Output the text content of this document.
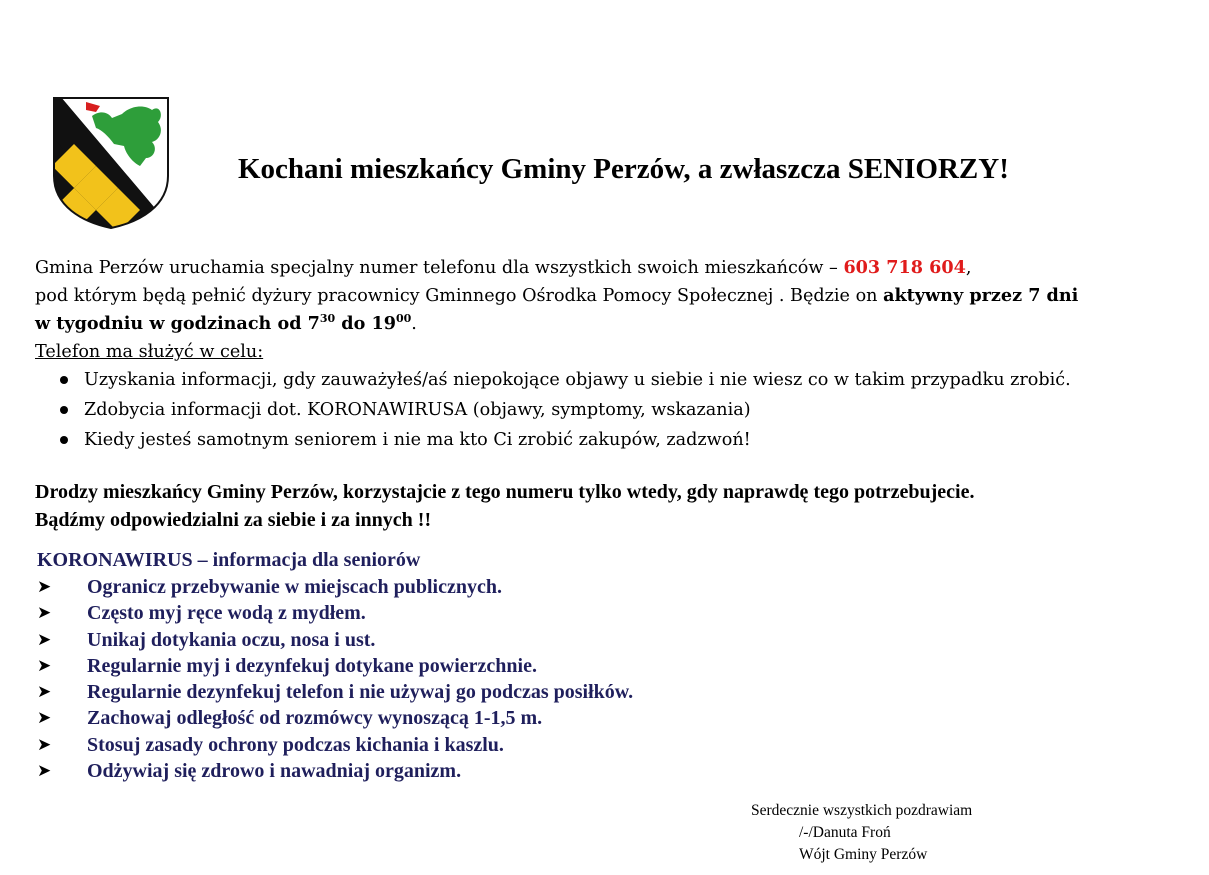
Kochani mieszkańcy Gminy Perzów, a zwłaszcza SENIORZY!
Gmina Perzów uruchamia specjalny numer telefonu dla wszystkich swoich mieszkańców – 603 718 604,
pod którym będą pełnić dyżury pracownicy Gminnego Ośrodka Pomocy Społecznej . Będzie on aktywny przez 7 dni
w tygodniu w godzinach od $7^{30}$ do $19^{00}$.
Telefon ma służyć w celu:
Uzyskania informacji, gdy zauważyłeś/aś niepokojące objawy u siebie i nie wiesz co w takim przypadku zrobić.
Zdobycia informacji dot. KORONAWIRUSA (objawy, symptomy, wskazania)
Kiedy jesteś samotnym seniorem i nie ma kto Ci zrobić zakupów, zadzwoń!
Drodzy mieszkańcy Gminy Perzów, korzystajcie z tego numeru tylko wtedy, gdy naprawdę tego potrzebujecie.
Bądźmy odpowiedzialni za siebie i za innych !!
KORONAWIRUS – informacja dla seniorów
➤ Ogranicz przebywanie w miejscach publicznych.
➤ Często myj ręce wodą z mydłem.
➤ Unikaj dotykania oczu, nosa i ust.
➤ Regularnie myj i dezynfekuj dotykane powierzchnie.
➤ Regularnie dezynfekuj telefon i nie używaj go podczas posiłków.
➤ Zachowaj odległość od rozmówcy wynoszącą 1-1,5 m.
➤ Stosuj zasady ochrony podczas kichania i kaszlu.
➤ Odżywiaj się zdrowo i nawadniaj organizm.
Serdecznie wszystkich pozdrawiam
/-/Danuta Froń
Wójt Gminy Perzów
